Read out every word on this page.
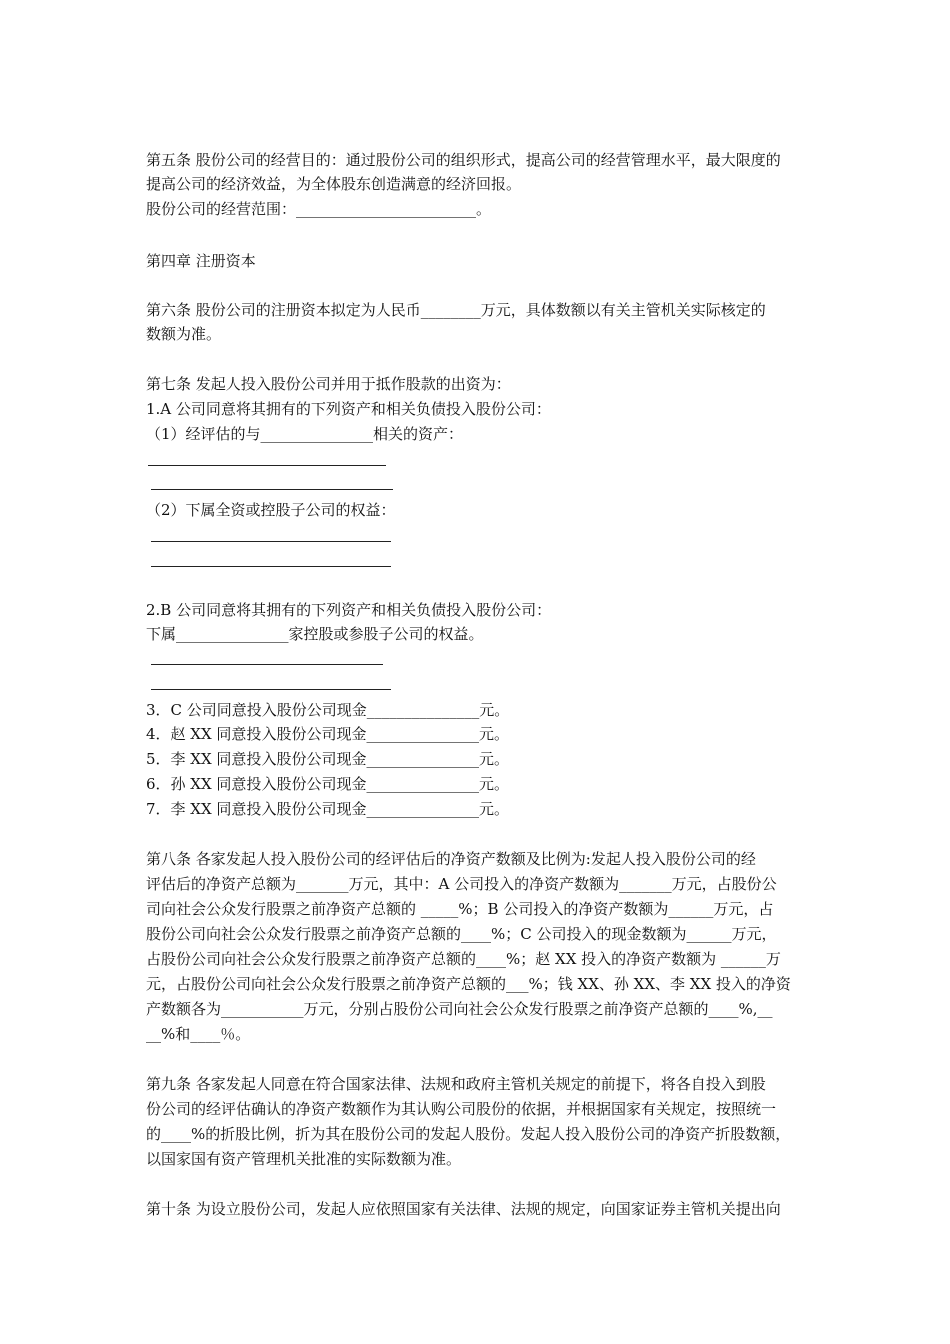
第五条 股份公司的经营目的：通过股份公司的组织形式，提高公司的经营管理水平，最大限度的
提高公司的经济效益，为全体股东创造满意的经济回报。
股份公司的经营范围：________________________。
第四章 注册资本
第六条 股份公司的注册资本拟定为人民币________万元，具体数额以有关主管机关实际核定的
数额为准。
第七条 发起人投入股份公司并用于抵作股款的出资为：
1.A 公司同意将其拥有的下列资产和相关负债投入股份公司：
（1）经评估的与_______________相关的资产：
（2）下属全资或控股子公司的权益：
2.B 公司同意将其拥有的下列资产和相关负债投入股份公司：
下属_______________家控股或参股子公司的权益。
3．C 公司同意投入股份公司现金_______________元。
4．赵 XX 同意投入股份公司现金_______________元。
5．李 XX 同意投入股份公司现金_______________元。
6．孙 XX 同意投入股份公司现金_______________元。
7．李 XX 同意投入股份公司现金_______________元。
第八条 各家发起人投入股份公司的经评估后的净资产数额及比例为:发起人投入股份公司的经
评估后的净资产总额为_______万元，其中：A 公司投入的净资产数额为_______万元，占股份公
司向社会公众发行股票之前净资产总额的 _____%；B 公司投入的净资产数额为______万元，占
股份公司向社会公众发行股票之前净资产总额的____%；C 公司投入的现金数额为______万元，
占股份公司向社会公众发行股票之前净资产总额的____%；赵 XX 投入的净资产数额为 ______万
元，占股份公司向社会公众发行股票之前净资产总额的___%；钱 XX、孙 XX、李 XX 投入的净资
产数额各为___________万元，分别占股份公司向社会公众发行股票之前净资产总额的____%,__
__%和____％。
第九条 各家发起人同意在符合国家法律、法规和政府主管机关规定的前提下，将各自投入到股
份公司的经评估确认的净资产数额作为其认购公司股份的依据，并根据国家有关规定，按照统一
的____%的折股比例，折为其在股份公司的发起人股份。发起人投入股份公司的净资产折股数额，
以国家国有资产管理机关批准的实际数额为准。
第十条 为设立股份公司，发起人应依照国家有关法律、法规的规定，向国家证券主管机关提出向
